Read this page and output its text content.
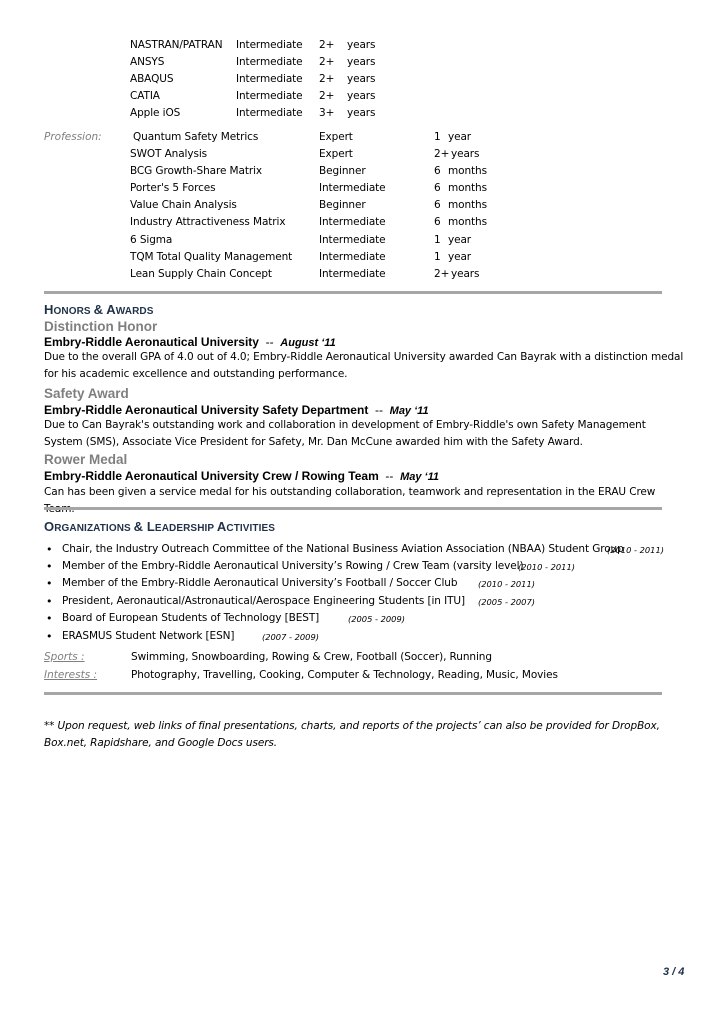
NASTRAN/PATRAN Intermediate 2+ years
ANSYS	Intermediate 2+ years
ABAQUS	Intermediate 2+ years
CATIA	Intermediate 2+ years
Apple iOS	Intermediate 3+ years
Profession:	Quantum Safety Metrics	Expert	1 year
SWOT Analysis	Expert	2+ years
BCG Growth-Share Matrix	Beginner	6 months
Porter's 5 Forces	Intermediate	6 months
Value Chain Analysis	Beginner	6 months
Industry Attractiveness Matrix	Intermediate	6 months
6 Sigma	Intermediate	1 year
TQM Total Quality Management	Intermediate	1 year
Lean Supply Chain Concept	Intermediate	2+ years
HONORS & AWARDS
Distinction Honor
Embry-Riddle Aeronautical University -- August ‘11
Due to the overall GPA of 4.0 out of 4.0; Embry-Riddle Aeronautical University awarded Can Bayrak with a distinction medal for his academic excellence and outstanding performance.
Safety Award
Embry-Riddle Aeronautical University Safety Department -- May ‘11
Due to Can Bayrak's outstanding work and collaboration in development of Embry-Riddle's own Safety Management System (SMS), Associate Vice President for Safety, Mr. Dan McCune awarded him with the Safety Award.
Rower Medal
Embry-Riddle Aeronautical University Crew / Rowing Team -- May ‘11
Can has been given a service medal for his outstanding collaboration, teamwork and representation in the ERAU Crew
ORGANIZATIONS & LEADERSHIP ACTIVITIES
• Chair, the Industry Outreach Committee of the National Business Aviation Association (NBAA) Student Group
(2010 - 2011)
• Member of the Embry-Riddle Aeronautical University’s Rowing / Crew Team (varsity level)
(2010 - 2011)
• Member of the Embry-Riddle Aeronautical University’s Football / Soccer Club (2010 - 2011)
• President, Aeronautical/Astronautical/Aerospace Engineering Students [in ITU] (2005 - 2007)
• Board of European Students of Technology [BEST]	(2005 - 2009)
• ERASMUS Student Network [ESN]	(2007 - 2009)
Sports :	Swimming, Snowboarding, Rowing & Crew, Football (Soccer), Running
Interests :	Photography, Travelling, Cooking, Computer & Technology, Reading, Music, Movies
** Upon request, web links of final presentations, charts, and reports of the projects’ can also be provided for DropBox, Box.net, Rapidshare, and Google Docs users.
3 / 4
